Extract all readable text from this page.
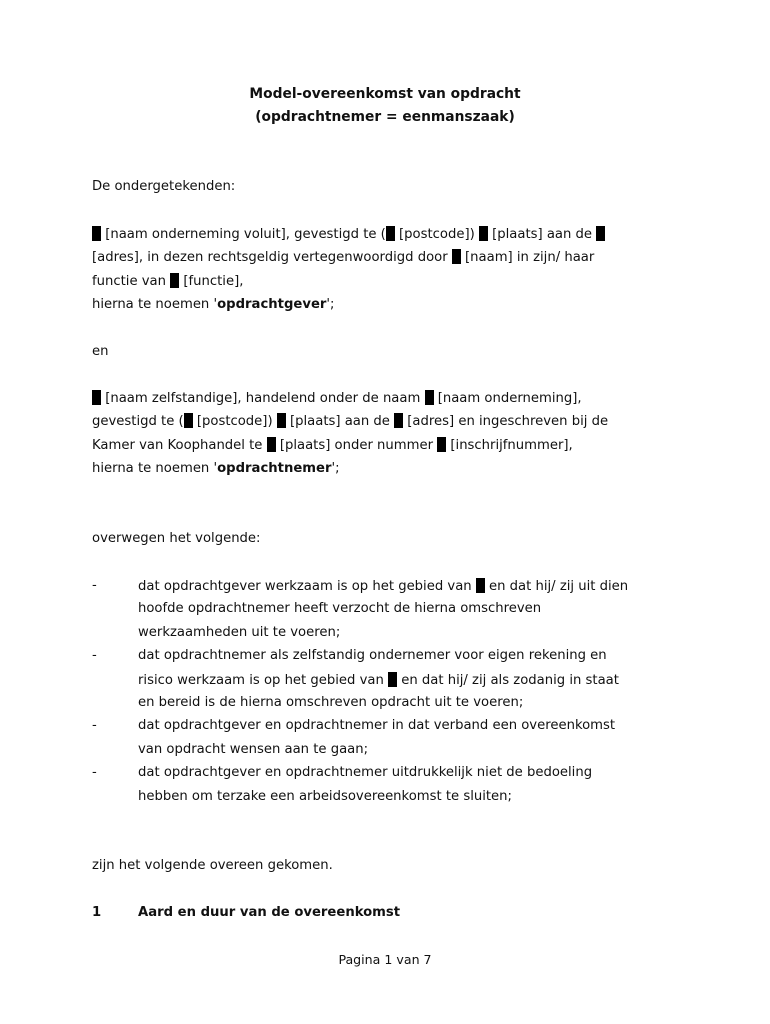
Model-overeenkomst van opdracht
(opdrachtnemer = eenmanszaak)
De ondergetekenden:
[naam onderneming voluit], gevestigd te ( [postcode])  [plaats] aan de
[adres], in dezen rechtsgeldig vertegenwoordigd door  [naam] in zijn/ haar
functie van  [functie],
hierna te noemen 'opdrachtgever';
en
[naam zelfstandige], handelend onder de naam  [naam onderneming],
gevestigd te ( [postcode])  [plaats] aan de  [adres] en ingeschreven bij de
Kamer van Koophandel te  [plaats] onder nummer  [inschrijfnummer],
hierna te noemen 'opdrachtnemer';
overwegen het volgende:
-	dat opdrachtgever werkzaam is op het gebied van  en dat hij/ zij uit dien
hoofde opdrachtnemer heeft verzocht de hierna omschreven
werkzaamheden uit te voeren;
-	dat opdrachtnemer als zelfstandig ondernemer voor eigen rekening en
risico werkzaam is op het gebied van  en dat hij/ zij als zodanig in staat
en bereid is de hierna omschreven opdracht uit te voeren;
-	dat opdrachtgever en opdrachtnemer in dat verband een overeenkomst
van opdracht wensen aan te gaan;
-	dat opdrachtgever en opdrachtnemer uitdrukkelijk niet de bedoeling
hebben om terzake een arbeidsovereenkomst te sluiten;
zijn het volgende overeen gekomen.
1	Aard en duur van de overeenkomst
Pagina 1 van 7
